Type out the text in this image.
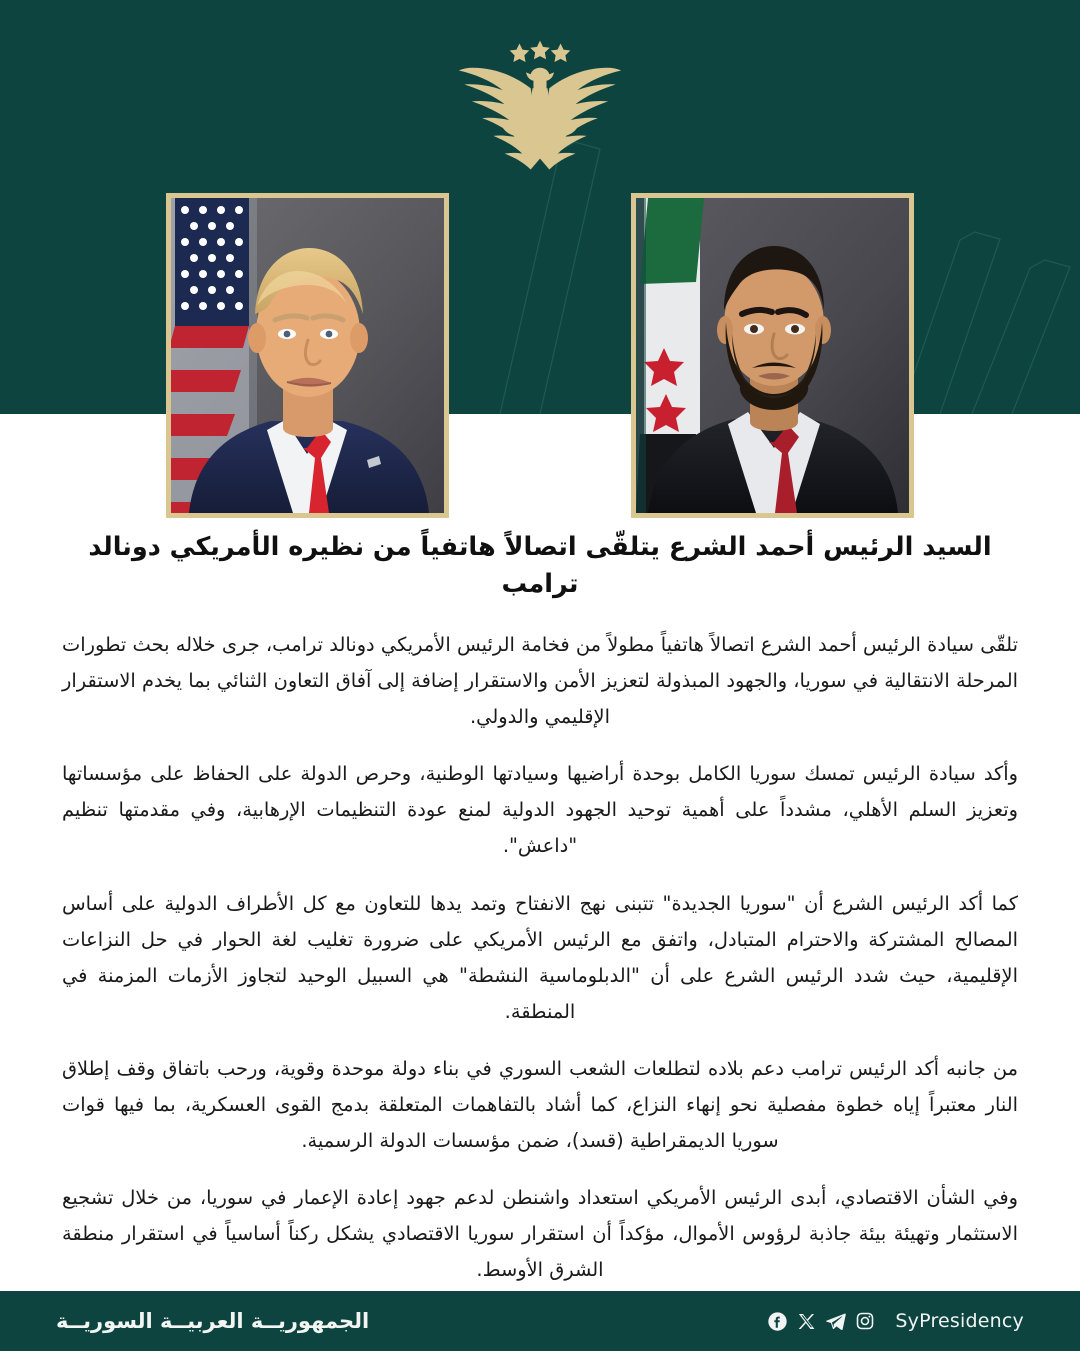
السيد الرئيس أحمد الشرع يتلقّى اتصالاً هاتفياً من نظيره الأمريكي دونالد ترامب

تلقّى سيادة الرئيس أحمد الشرع اتصالاً هاتفياً مطولاً من فخامة الرئيس الأمريكي دونالد ترامب، جرى خلاله بحث تطورات المرحلة الانتقالية في سوريا، والجهود المبذولة لتعزيز الأمن والاستقرار إضافة إلى آفاق التعاون الثنائي بما يخدم الاستقرار الإقليمي والدولي.

وأكد سيادة الرئيس تمسك سوريا الكامل بوحدة أراضيها وسيادتها الوطنية، وحرص الدولة على الحفاظ على مؤسساتها وتعزيز السلم الأهلي، مشدداً على أهمية توحيد الجهود الدولية لمنع عودة التنظيمات الإرهابية، وفي مقدمتها تنظيم "داعش".

كما أكد الرئيس الشرع أن "سوريا الجديدة" تتبنى نهج الانفتاح وتمد يدها للتعاون مع كل الأطراف الدولية على أساس المصالح المشتركة والاحترام المتبادل، واتفق مع الرئيس الأمريكي على ضرورة تغليب لغة الحوار في حل النزاعات الإقليمية، حيث شدد الرئيس الشرع على أن "الدبلوماسية النشطة" هي السبيل الوحيد لتجاوز الأزمات المزمنة في المنطقة.

من جانبه أكد الرئيس ترامب دعم بلاده لتطلعات الشعب السوري في بناء دولة موحدة وقوية، ورحب باتفاق وقف إطلاق النار معتبراً إياه خطوة مفصلية نحو إنهاء النزاع، كما أشاد بالتفاهمات المتعلقة بدمج القوى العسكرية، بما فيها قوات سوريا الديمقراطية (قسد)، ضمن مؤسسات الدولة الرسمية.

وفي الشأن الاقتصادي، أبدى الرئيس الأمريكي استعداد واشنطن لدعم جهود إعادة الإعمار في سوريا، من خلال تشجيع الاستثمار وتهيئة بيئة جاذبة لرؤوس الأموال، مؤكداً أن استقرار سوريا الاقتصادي يشكل ركناً أساسياً في استقرار منطقة الشرق الأوسط.

SyPresidency
الجمهوريــة العربيــة السوريــة
